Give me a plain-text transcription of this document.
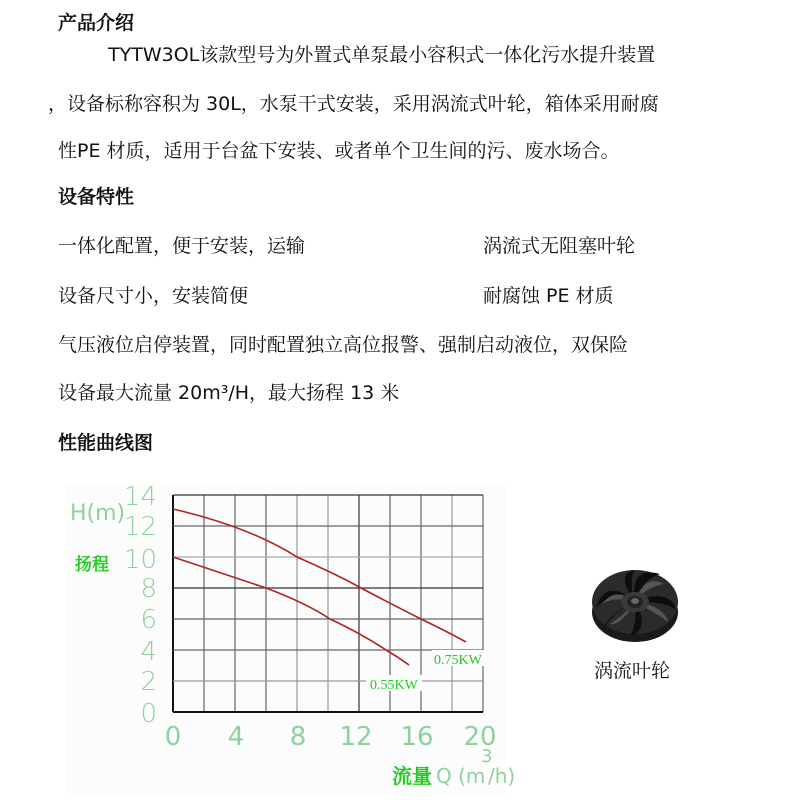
产品介绍
TYTW3OL该款型号为外置式单泵最小容积式一体化污水提升装置
，设备标称容积为 30L，水泵干式安装，采用涡流式叶轮，箱体采用耐腐
性PE 材质，适用于台盆下安装、或者单个卫生间的污、废水场合。
设备特性
一体化配置，便于安装，运输	涡流式无阻塞叶轮
设备尺寸小，安装简便	耐腐蚀 PE 材质
气压液位启停装置，同时配置独立高位报警、强制启动液位，双保险
设备最大流量 20m³/H，最大扬程 13 米
性能曲线图
0.55KW
0.75KW
14
12
10
8
6
4
2
0
H(m)
扬程
0 4 8 12 16 20
流量 Q (m
3
/h)
涡流叶轮
